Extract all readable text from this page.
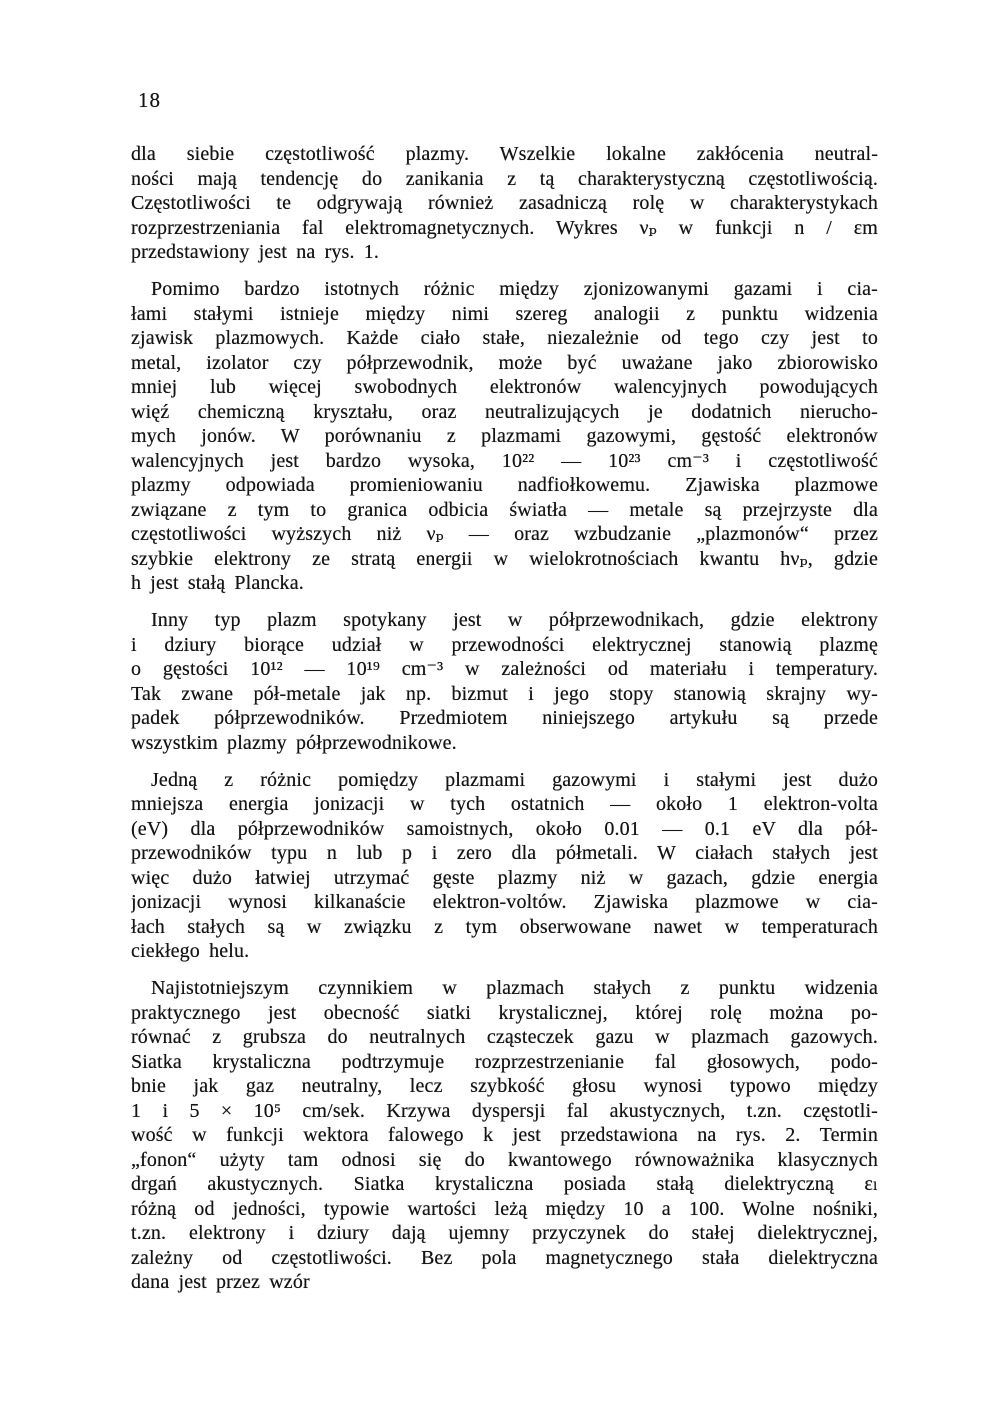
18
dla siebie częstotliwość plazmy. Wszelkie lokalne zakłócenia neutral-
ności mają tendencję do zanikania z tą charakterystyczną częstotliwością.
Częstotliwości te odgrywają również zasadniczą rolę w charakterystykach
rozprzestrzeniania fal elektromagnetycznych. Wykres νₚ w funkcji n / εm
przedstawiony jest na rys. 1.
Pomimo bardzo istotnych różnic między zjonizowanymi gazami i cia-
łami stałymi istnieje między nimi szereg analogii z punktu widzenia
zjawisk plazmowych. Każde ciało stałe, niezależnie od tego czy jest to
metal, izolator czy półprzewodnik, może być uważane jako zbiorowisko
mniej lub więcej swobodnych elektronów walencyjnych powodujących
więź chemiczną kryształu, oraz neutralizujących je dodatnich nierucho-
mych jonów. W porównaniu z plazmami gazowymi, gęstość elektronów
walencyjnych jest bardzo wysoka, 10²² — 10²³ cm⁻³ i częstotliwość
plazmy odpowiada promieniowaniu nadfiołkowemu. Zjawiska plazmowe
związane z tym to granica odbicia światła — metale są przejrzyste dla
częstotliwości wyższych niż νₚ — oraz wzbudzanie „plazmonów“ przez
szybkie elektrony ze stratą energii w wielokrotnościach kwantu hνₚ, gdzie
h jest stałą Plancka.
Inny typ plazm spotykany jest w półprzewodnikach, gdzie elektrony
i dziury biorące udział w przewodności elektrycznej stanowią plazmę
o gęstości 10¹² — 10¹⁹ cm⁻³ w zależności od materiału i temperatury.
Tak zwane pół-metale jak np. bizmut i jego stopy stanowią skrajny wy-
padek półprzewodników. Przedmiotem niniejszego artykułu są przede
wszystkim plazmy półprzewodnikowe.
Jedną z różnic pomiędzy plazmami gazowymi i stałymi jest dużo
mniejsza energia jonizacji w tych ostatnich — około 1 elektron-volta
(eV) dla półprzewodników samoistnych, około 0.01 — 0.1 eV dla pół-
przewodników typu n lub p i zero dla półmetali. W ciałach stałych jest
więc dużo łatwiej utrzymać gęste plazmy niż w gazach, gdzie energia
jonizacji wynosi kilkanaście elektron-voltów. Zjawiska plazmowe w cia-
łach stałych są w związku z tym obserwowane nawet w temperaturach
ciekłego helu.
Najistotniejszym czynnikiem w plazmach stałych z punktu widzenia
praktycznego jest obecność siatki krystalicznej, której rolę można po-
równać z grubsza do neutralnych cząsteczek gazu w plazmach gazowych.
Siatka krystaliczna podtrzymuje rozprzestrzenianie fal głosowych, podo-
bnie jak gaz neutralny, lecz szybkość głosu wynosi typowo między
1 i 5 × 10⁵ cm/sek. Krzywa dyspersji fal akustycznych, t.zn. częstotli-
wość w funkcji wektora falowego k jest przedstawiona na rys. 2. Termin
„fonon“ użyty tam odnosi się do kwantowego równoważnika klasycznych
drgań akustycznych. Siatka krystaliczna posiada stałą dielektryczną εₗ
różną od jedności, typowie wartości leżą między 10 a 100. Wolne nośniki,
t.zn. elektrony i dziury dają ujemny przyczynek do stałej dielektrycznej,
zależny od częstotliwości. Bez pola magnetycznego stała dielektryczna
dana jest przez wzór
